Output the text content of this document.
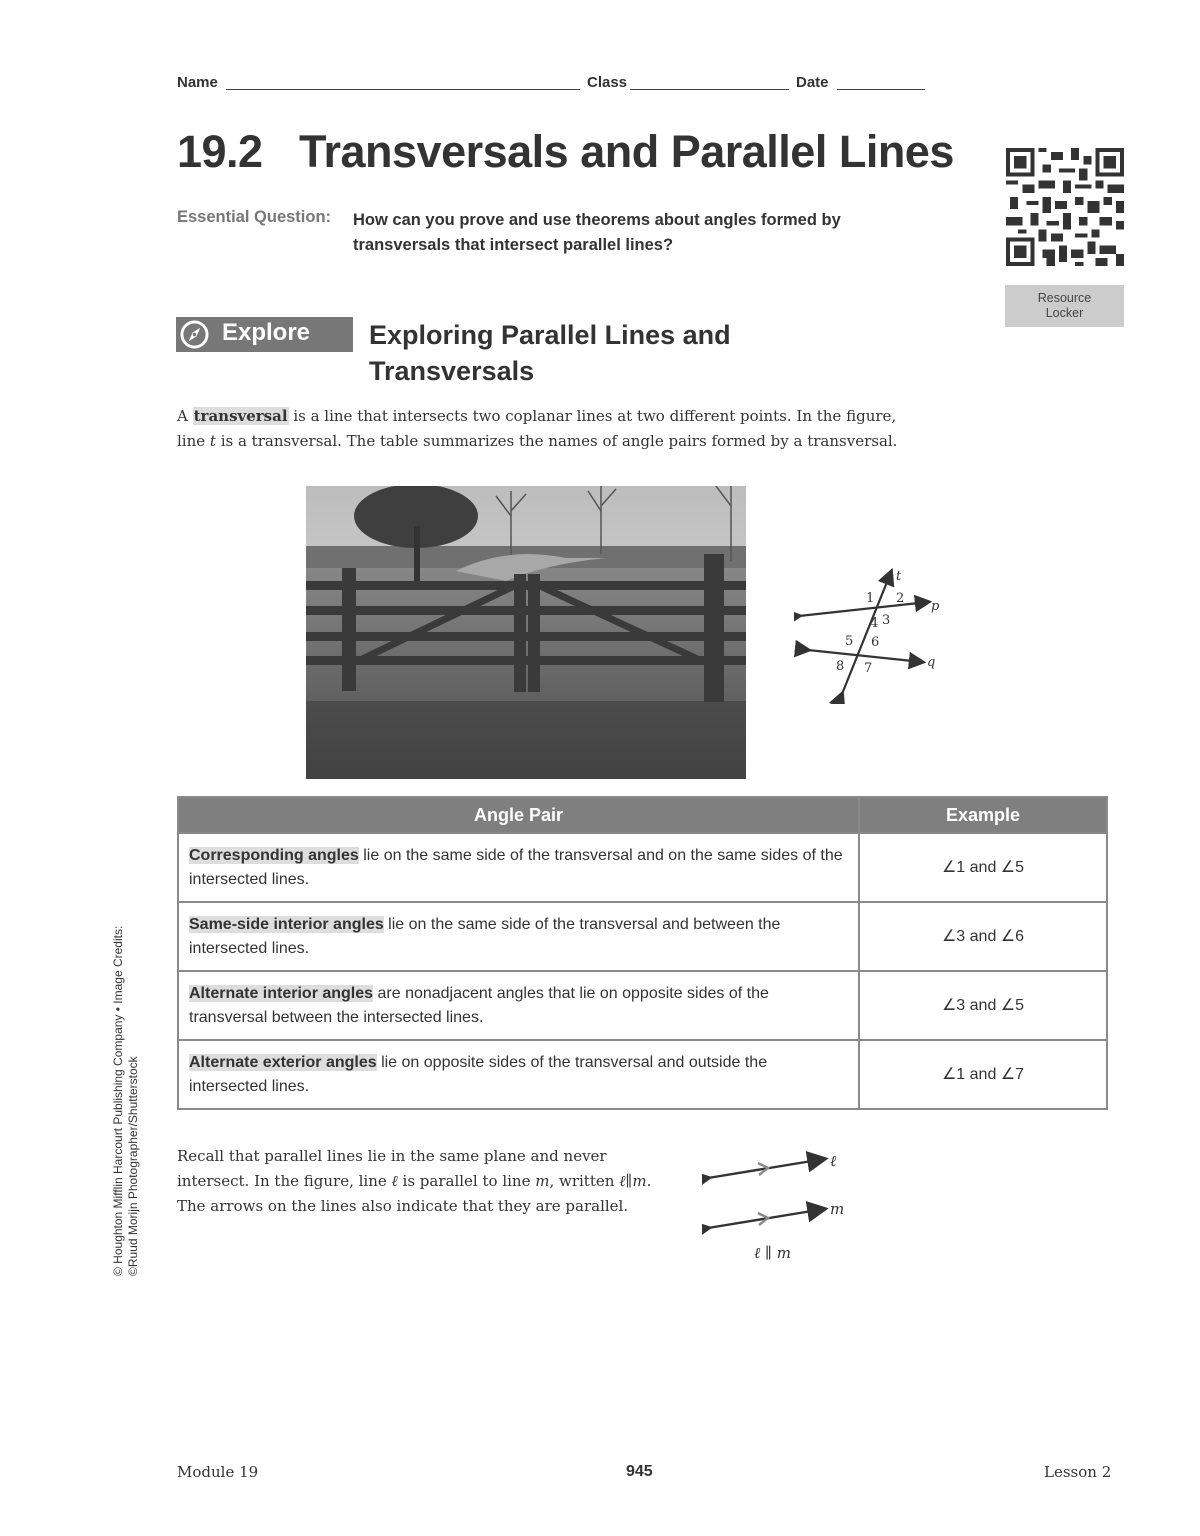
Name	Class	Date
19.2 Transversals and Parallel Lines
Essential Question: How can you prove and use theorems about angles formed by transversals that intersect parallel lines?
Resource
Locker
Explore Exploring Parallel Lines and Transversals
A transversal is a line that intersects two coplanar lines at two different points. In the figure, line t is a transversal. The table summarizes the names of angle pairs formed by a transversal.
t
p
q
1 2
3
4
5 6
7
8
Angle Pair	Example
Corresponding angles lie on the same side of the transversal and on the same sides of the intersected lines.	∠1 and ∠5
Same-side interior angles lie on the same side of the transversal and between the intersected lines.	∠3 and ∠6
Alternate interior angles are nonadjacent angles that lie on opposite sides of the transversal between the intersected lines.	∠3 and ∠5
Alternate exterior angles lie on opposite sides of the transversal and outside the intersected lines.	∠1 and ∠7
Recall that parallel lines lie in the same plane and never intersect. In the figure, line ℓ is parallel to line m, written ℓ∥m. The arrows on the lines also indicate that they are parallel.
ℓ
m
ℓ ∥ m
© Houghton Mifflin Harcourt Publishing Company • Image Credits: ©Ruud Morijn Photographer/Shutterstock
Module 19	945	Lesson 2
